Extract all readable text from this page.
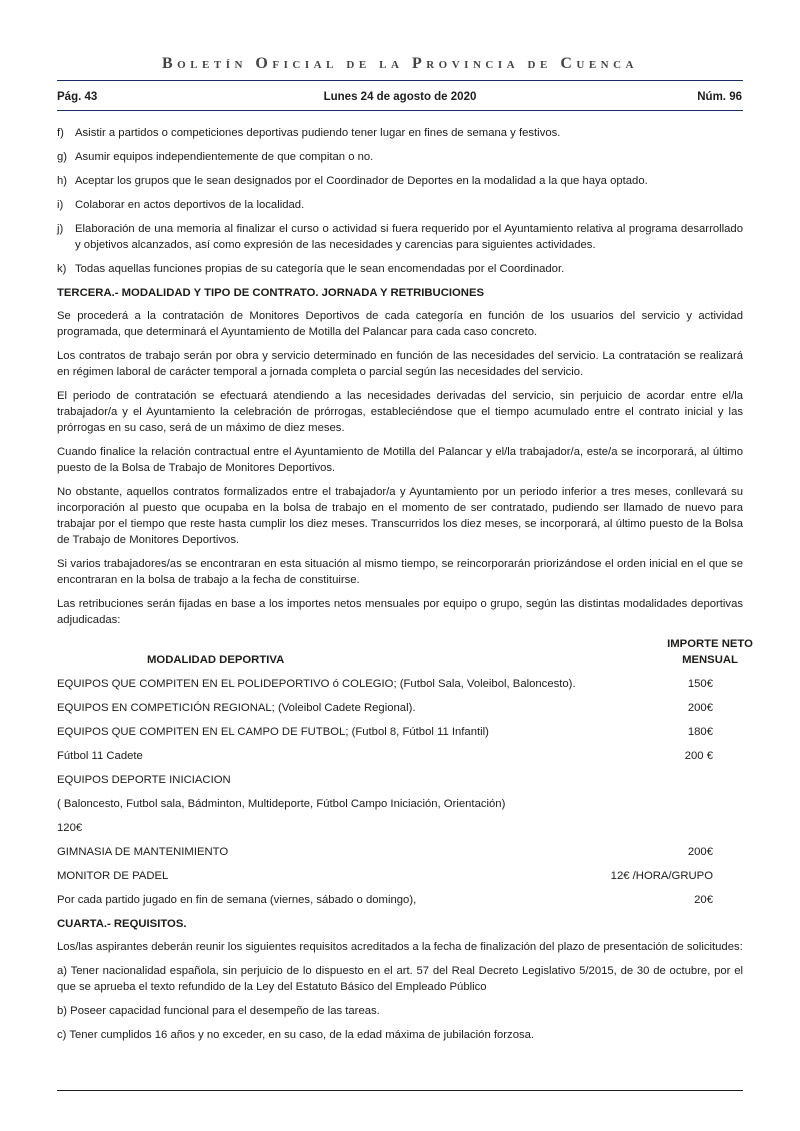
Boletín Oficial de la Provincia de Cuenca
Pág. 43	Lunes 24 de agosto de 2020	Núm. 96

f) Asistir a partidos o competiciones deportivas pudiendo tener lugar en fines de semana y festivos.

g) Asumir equipos independientemente de que compitan o no.

h) Aceptar los grupos que le sean designados por el Coordinador de Deportes en la modalidad a la que haya optado.

i)	Colaborar en actos deportivos de la localidad.

j)	Elaboración de una memoria al finalizar el curso o actividad si fuera requerido por el Ayuntamiento relativa al programa desarrollado y objetivos alcanzados, así como expresión de las necesidades y carencias para siguientes actividades.

k) Todas aquellas funciones propias de su categoría que le sean encomendadas por el Coordinador.

TERCERA.- MODALIDAD Y TIPO DE CONTRATO. JORNADA Y RETRIBUCIONES

Se procederá a la contratación de Monitores Deportivos de cada categoría en función de los usuarios del servicio y actividad programada, que determinará el Ayuntamiento de Motilla del Palancar para cada caso concreto.

Los contratos de trabajo serán por obra y servicio determinado en función de las necesidades del servicio. La contratación se realizará en régimen laboral de carácter temporal a jornada completa o parcial según las necesidades del servicio.

El periodo de contratación se efectuará atendiendo a las necesidades derivadas del servicio, sin perjuicio de acordar entre el/la trabajador/a y el Ayuntamiento la celebración de prórrogas, estableciéndose que el tiempo acumulado entre el contrato inicial y las prórrogas en su caso, será de un máximo de diez meses.

Cuando finalice la relación contractual entre el Ayuntamiento de Motilla del Palancar y el/la trabajador/a, este/a se incorporará, al último puesto de la Bolsa de Trabajo de Monitores Deportivos.

No obstante, aquellos contratos formalizados entre el trabajador/a y Ayuntamiento por un periodo inferior a tres meses, conllevará su incorporación al puesto que ocupaba en la bolsa de trabajo en el momento de ser contratado, pudiendo ser llamado de nuevo para trabajar por el tiempo que reste hasta cumplir los diez meses. Transcurridos los diez meses, se incorporará, al último puesto de la Bolsa de Trabajo de Monitores Deportivos.

Si varios trabajadores/as se encontraran en esta situación al mismo tiempo, se reincorporarán priorizándose el orden inicial en el que se encontraran en la bolsa de trabajo a la fecha de constituirse.

Las retribuciones serán fijadas en base a los importes netos mensuales por equipo o grupo, según las distintas modalidades deportivas adjudicadas:

MODALIDAD DEPORTIVA
IMPORTE NETO
MENSUAL
EQUIPOS QUE COMPITEN EN EL POLIDEPORTIVO ó COLEGIO; (Futbol Sala, Voleibol, Baloncesto).	150€
EQUIPOS EN COMPETICIÓN REGIONAL; (Voleibol Cadete Regional).	200€
EQUIPOS QUE COMPITEN EN EL CAMPO DE FUTBOL; (Futbol 8, Fútbol 11 Infantil)	180€
Fútbol 11 Cadete	200 €
EQUIPOS DEPORTE INICIACION
( Baloncesto, Futbol sala, Bádminton, Multideporte, Fútbol Campo Iniciación, Orientación)
120€
GIMNASIA DE MANTENIMIENTO	200€
MONITOR DE PADEL	12€ /HORA/GRUPO
Por cada partido jugado en fin de semana (viernes, sábado o domingo),	20€
CUARTA.- REQUISITOS.

Los/las aspirantes deberán reunir los siguientes requisitos acreditados a la fecha de finalización del plazo de presentación de solicitudes:

a) Tener nacionalidad española, sin perjuicio de lo dispuesto en el art. 57 del Real Decreto Legislativo 5/2015, de 30 de octubre, por el que se aprueba el texto refundido de la Ley del Estatuto Básico del Empleado Público

b) Poseer capacidad funcional para el desempeño de las tareas.

c) Tener cumplidos 16 años y no exceder, en su caso, de la edad máxima de jubilación forzosa.
